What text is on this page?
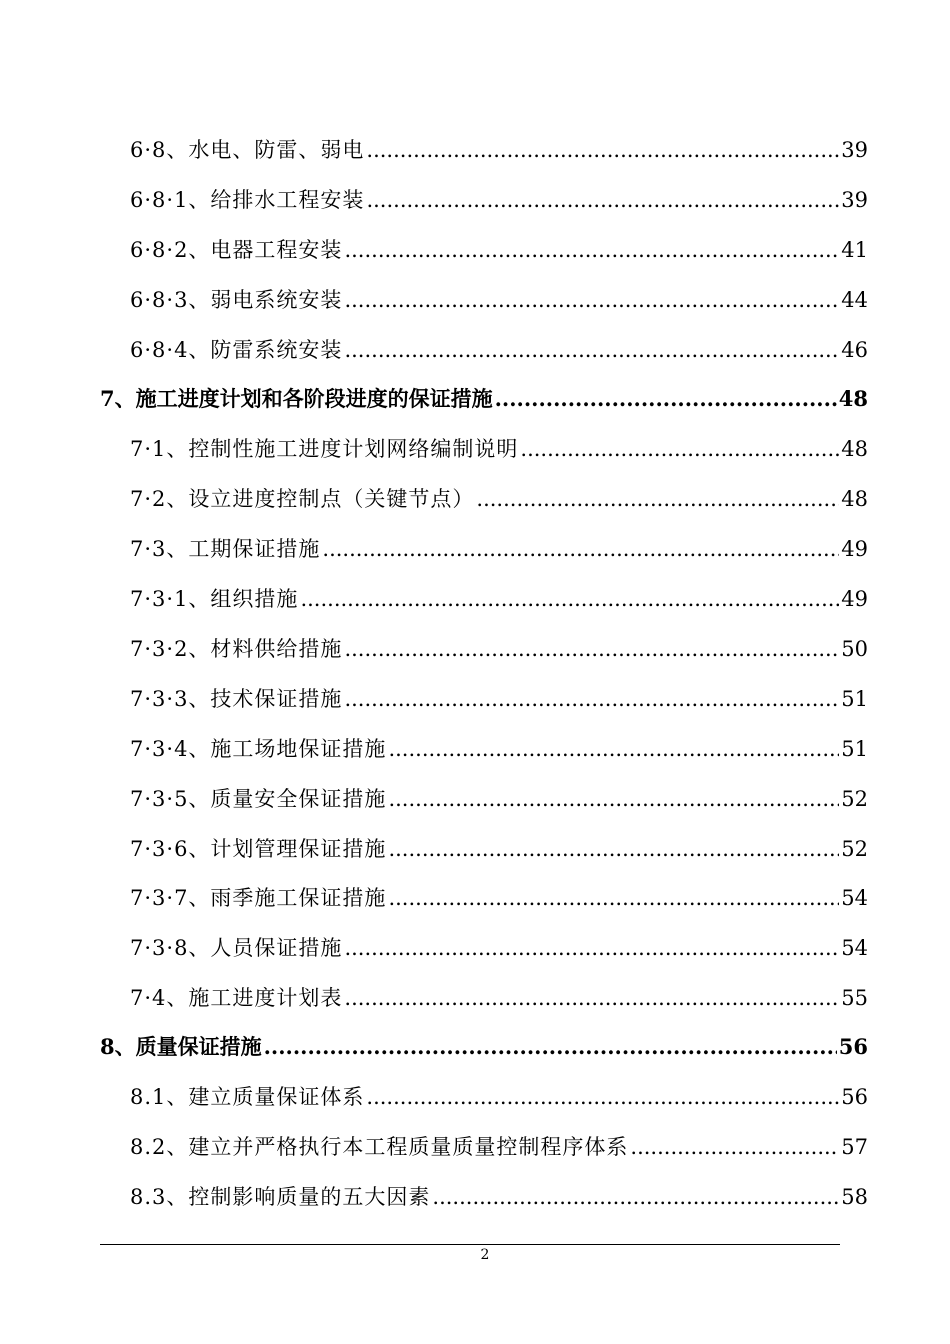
6·8、水电、防雷、弱电 .....	39
6·8·1、给排水工程安装 .....	39
6·8·2、电器工程安装 .....	41
6·8·3、弱电系统安装 .....	44
6·8·4、防雷系统安装 .....	46
7、施工进度计划和各阶段进度的保证措施 .....	48
7·1、控制性施工进度计划网络编制说明 .....	48
7·2、设立进度控制点（关键节点） .....	48
7·3、工期保证措施 .....	49
7·3·1、组织措施 .....	49
7·3·2、材料供给措施 .....	50
7·3·3、技术保证措施 .....	51
7·3·4、施工场地保证措施 .....	51
7·3·5、质量安全保证措施 .....	52
7·3·6、计划管理保证措施 .....	52
7·3·7、雨季施工保证措施 .....	54
7·3·8、人员保证措施 .....	54
7·4、施工进度计划表 .....	55
8、质量保证措施 .....	56
8.1、建立质量保证体系 .....	56
8.2、建立并严格执行本工程质量质量控制程序体系 .....	57
8.3、控制影响质量的五大因素 .....	58
2
